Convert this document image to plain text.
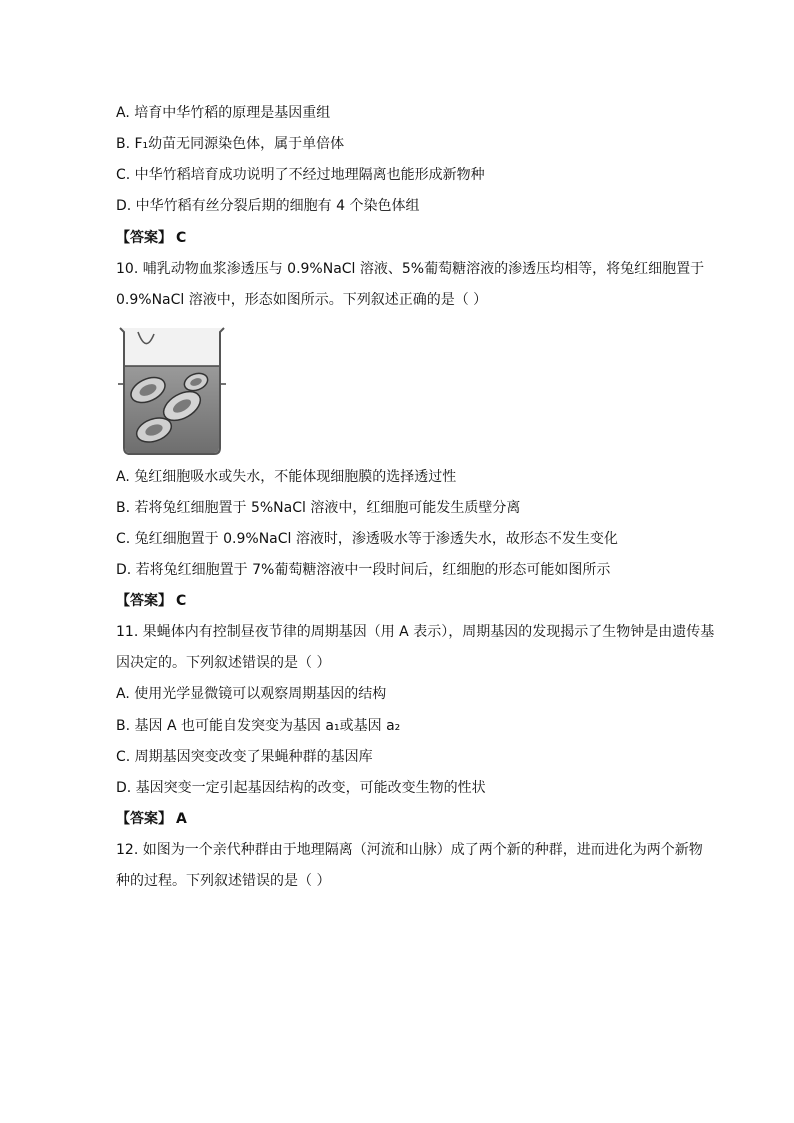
A. 培育中华竹稻的原理是基因重组
B. F₁幼苗无同源染色体，属于单倍体
C. 中华竹稻培育成功说明了不经过地理隔离也能形成新物种
D. 中华竹稻有丝分裂后期的细胞有 4 个染色体组
【答案】 C
10. 哺乳动物血浆渗透压与 0.9%NaCl 溶液、5%葡萄糖溶液的渗透压均相等，将兔红细胞置于
0.9%NaCl 溶液中，形态如图所示。下列叙述正确的是（ ）
A. 兔红细胞吸水或失水，不能体现细胞膜的选择透过性
B. 若将兔红细胞置于 5%NaCl 溶液中，红细胞可能发生质壁分离
C. 兔红细胞置于 0.9%NaCl 溶液时，渗透吸水等于渗透失水，故形态不发生变化
D. 若将兔红细胞置于 7%葡萄糖溶液中一段时间后，红细胞的形态可能如图所示
【答案】 C
11. 果蝇体内有控制昼夜节律的周期基因（用 A 表示），周期基因的发现揭示了生物钟是由遗传基
因决定的。下列叙述错误的是（ ）
A. 使用光学显微镜可以观察周期基因的结构
B. 基因 A 也可能自发突变为基因 a₁或基因 a₂
C. 周期基因突变改变了果蝇种群的基因库
D. 基因突变一定引起基因结构的改变，可能改变生物的性状
【答案】 A
12. 如图为一个亲代种群由于地理隔离（河流和山脉）成了两个新的种群，进而进化为两个新物
种的过程。下列叙述错误的是（ ）
